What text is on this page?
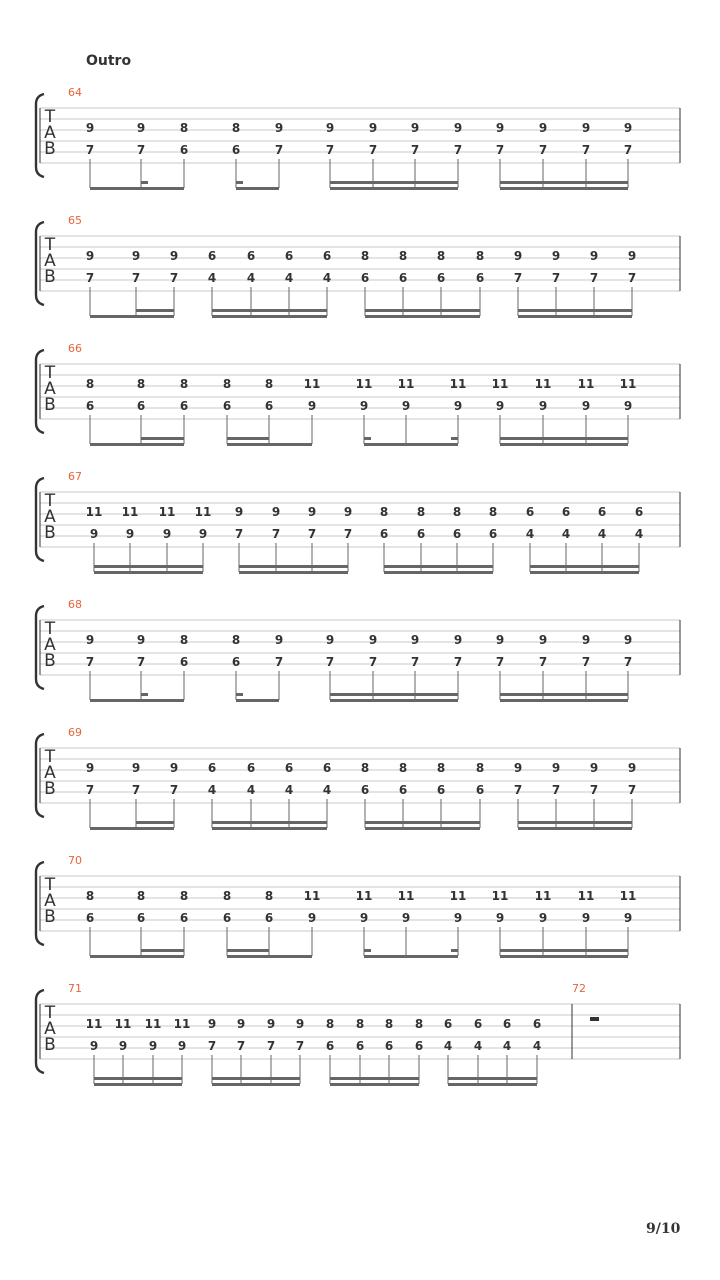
Outro
T
A
B
64
9
7
9
7
8
6
8
6
9
7
9
7
9
7
9
7
9
7
9
7
9
7
9
7
9
7
T
A
B
65
9
7
9
7
9
7
6
4
6
4
6
4
6
4
8
6
8
6
8
6
8
6
9
7
9
7
9
7
9
7
T
A
B
66
8
6
8
6
8
6
8
6
8
6
11
9
11
9
11
9
11
9
11
9
11
9
11
9
11
9
T
A
B
67
11
9
11
9
11
9
11
9
9
7
9
7
9
7
9
7
8
6
8
6
8
6
8
6
6
4
6
4
6
4
6
4
T
A
B
68
9
7
9
7
8
6
8
6
9
7
9
7
9
7
9
7
9
7
9
7
9
7
9
7
9
7
T
A
B
69
9
7
9
7
9
7
6
4
6
4
6
4
6
4
8
6
8
6
8
6
8
6
9
7
9
7
9
7
9
7
T
A
B
70
8
6
8
6
8
6
8
6
8
6
11
9
11
9
11
9
11
9
11
9
11
9
11
9
11
9
T
A
B
71
11
9
11
9
11
9
11
9
9
7
9
7
9
7
9
7
8
6
8
6
8
6
8
6
6
4
6
4
6
4
6
4
72
9/10
